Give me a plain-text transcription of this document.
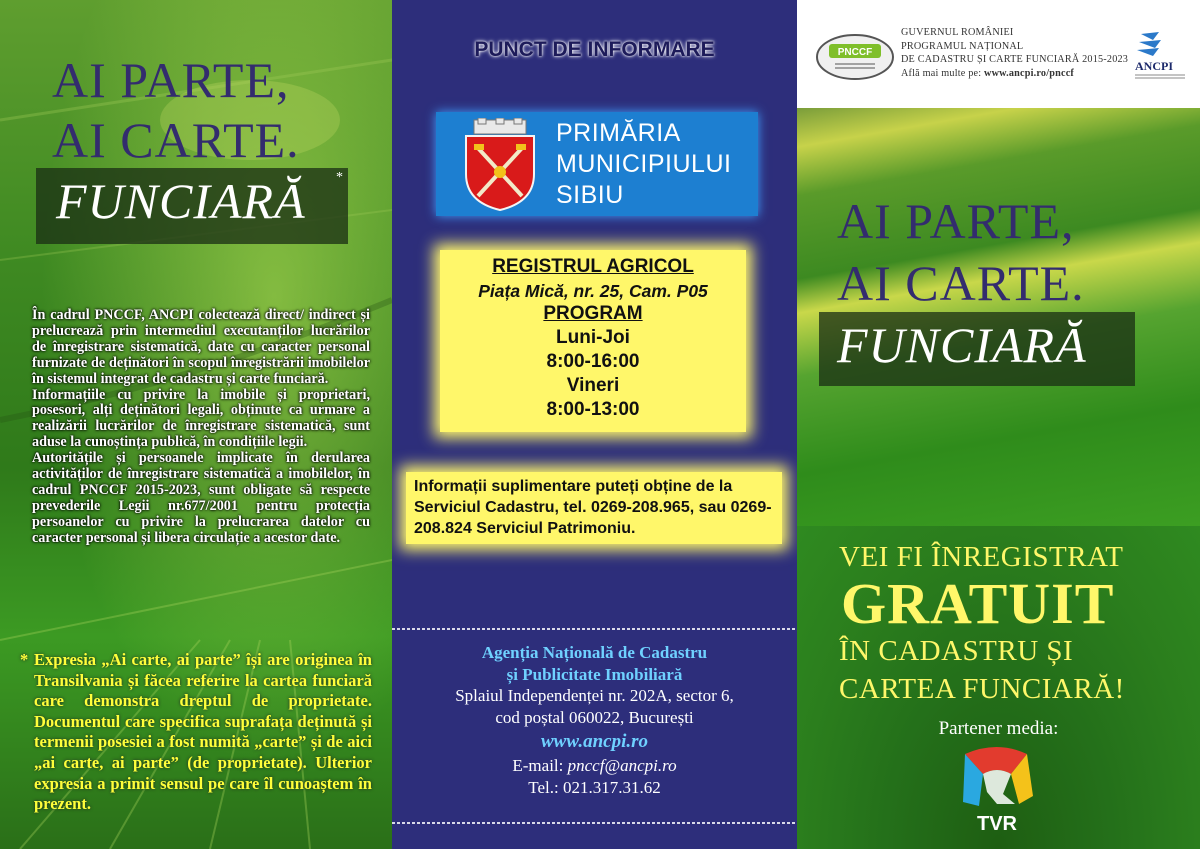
AI PARTE,
AI CARTE.
FUNCIARĂ *

În cadrul PNCCF, ANCPI colectează direct/ indirect și prelucrează prin intermediul executanților lucrărilor de înregistrare sistematică, date cu caracter personal furnizate de deținători în scopul înregistrării imobilelor în sistemul integrat de cadastru și carte funciară.

Informațiile cu privire la imobile și proprietari, posesori, alți deținători legali, obținute ca urmare a realizării lucrărilor de înregistrare sistematică, sunt aduse la cunoștința publică, în condițiile legii.

Autoritățile și persoanele implicate în derularea activităților de înregistrare sistematică a imobilelor, în cadrul PNCCF 2015-2023, sunt obligate să respecte prevederile Legii nr.677/2001 pentru protecția persoanelor cu privire la prelucrarea datelor cu caracter personal și libera circulație a acestor date.

* Expresia „Ai carte, ai parte” își are originea în Transilvania și făcea referire la cartea funciară care demonstra dreptul de proprietate. Documentul care specifica suprafața deținută și termenii posesiei a fost numită „carte” și de aici „ai carte, ai parte” (de proprietate). Ulterior expresia a primit sensul pe care îl cunoaștem în prezent.
PUNCT DE INFORMARE
PRIMĂRIA
MUNICIPIULUI
SIBIU
REGISTRUL AGRICOL
Piața Mică, nr. 25, Cam. P05
PROGRAM
Luni-Joi
8:00-16:00
Vineri
8:00-13:00
Informații suplimentare puteți obține de la Serviciul Cadastru, tel. 0269-208.965, sau 0269-208.824 Serviciul Patrimoniu.
Agenția Națională de Cadastru
și Publicitate Imobiliară
Splaiul Independenței nr. 202A, sector 6,
cod poștal 060022, București
www.ancpi.ro
E-mail: pnccf@ancpi.ro
Tel.: 021.317.31.62
PNCCF
GUVERNUL ROMÂNIEI
PROGRAMUL NAȚIONAL
DE CADASTRU ȘI CARTE FUNCIARĂ 2015-2023
Află mai multe pe: www.ancpi.ro/pnccf	ANCPI
AI PARTE,
AI CARTE.
FUNCIARĂ
VEI FI ÎNREGISTRAT
GRATUIT
ÎN CADASTRU ȘI
CARTEA FUNCIARĂ!
Partener media:
TVR
